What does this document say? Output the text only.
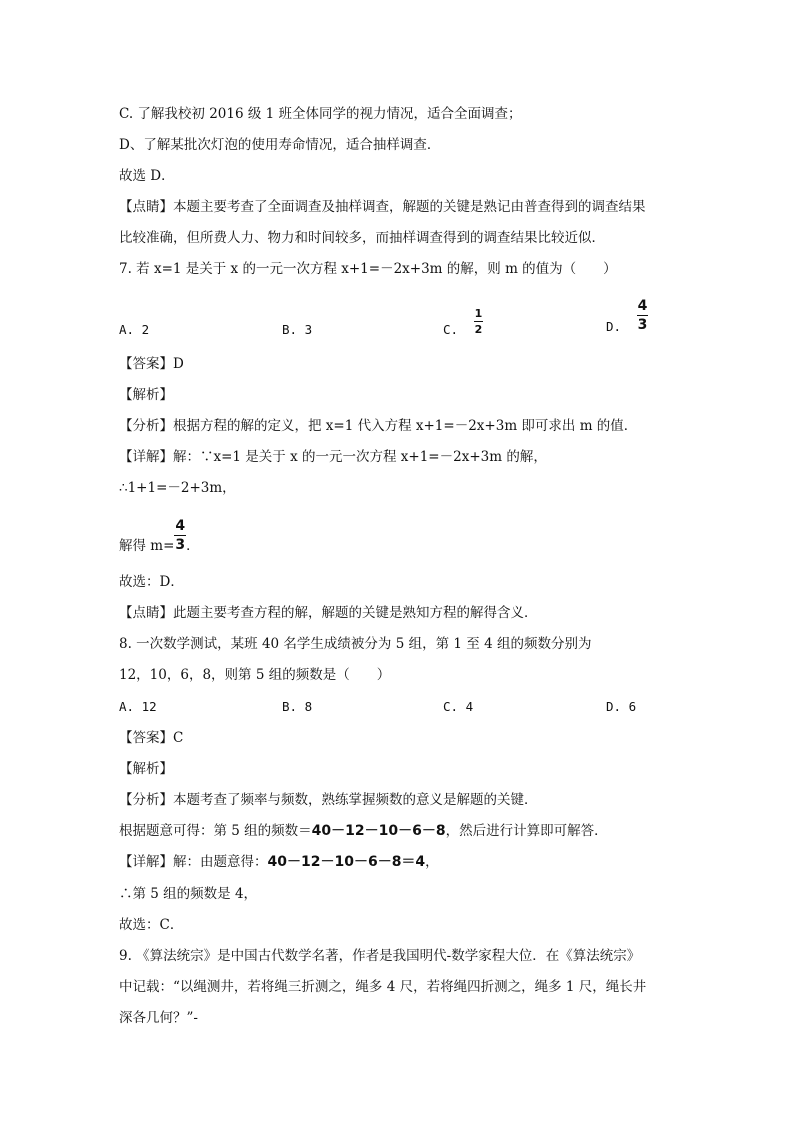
C. 了解我校初 2016 级 1 班全体同学的视力情况，适合全面调查；
D、了解某批次灯泡的使用寿命情况，适合抽样调查．
故选 D．
【点睛】本题主要考查了全面调查及抽样调查，解题的关键是熟记由普查得到的调查结果
比较准确，但所费人力、物力和时间较多，而抽样调查得到的调查结果比较近似．
7. 若 x=1 是关于 x 的一元一次方程 x+1=－2x+3m 的解，则 m 的值为（　　）
A. 2	B. 3	C. $\frac{1}{2}$	D. $\frac{4}{3}$
【答案】D
【解析】
【分析】根据方程的解的定义，把 x=1 代入方程 x+1=－2x+3m 即可求出 m 的值．
【详解】解：∵x=1 是关于 x 的一元一次方程 x+1=－2x+3m 的解，
∴1+1=－2+3m，
解得 $m= \frac{4}{3}$ ．
故选：D．
【点睛】此题主要考查方程的解，解题的关键是熟知方程的解得含义．
8. 一次数学测试，某班 40 名学生成绩被分为 5 组，第 1 至 4 组的频数分别为
12，10，6，8，则第 5 组的频数是（　　）
A. 12	B. 8	C. 4	D. 6
【答案】C
【解析】
【分析】本题考查了频率与频数，熟练掌握频数的意义是解题的关键．
根据题意可得：第 5 组的频数＝40－12－10－6－8，然后进行计算即可解答．
【详解】解：由题意得：40－12－10－6－8＝4，
∴第 5 组的频数是 4，
故选：C．
9. 《算法统宗》是中国古代数学名著，作者是我国明代-数学家程大位．在《算法统宗》
中记载：“以绳测井，若将绳三折测之，绳多 4 尺，若将绳四折测之，绳多 1 尺，绳长井
深各几何？”-
